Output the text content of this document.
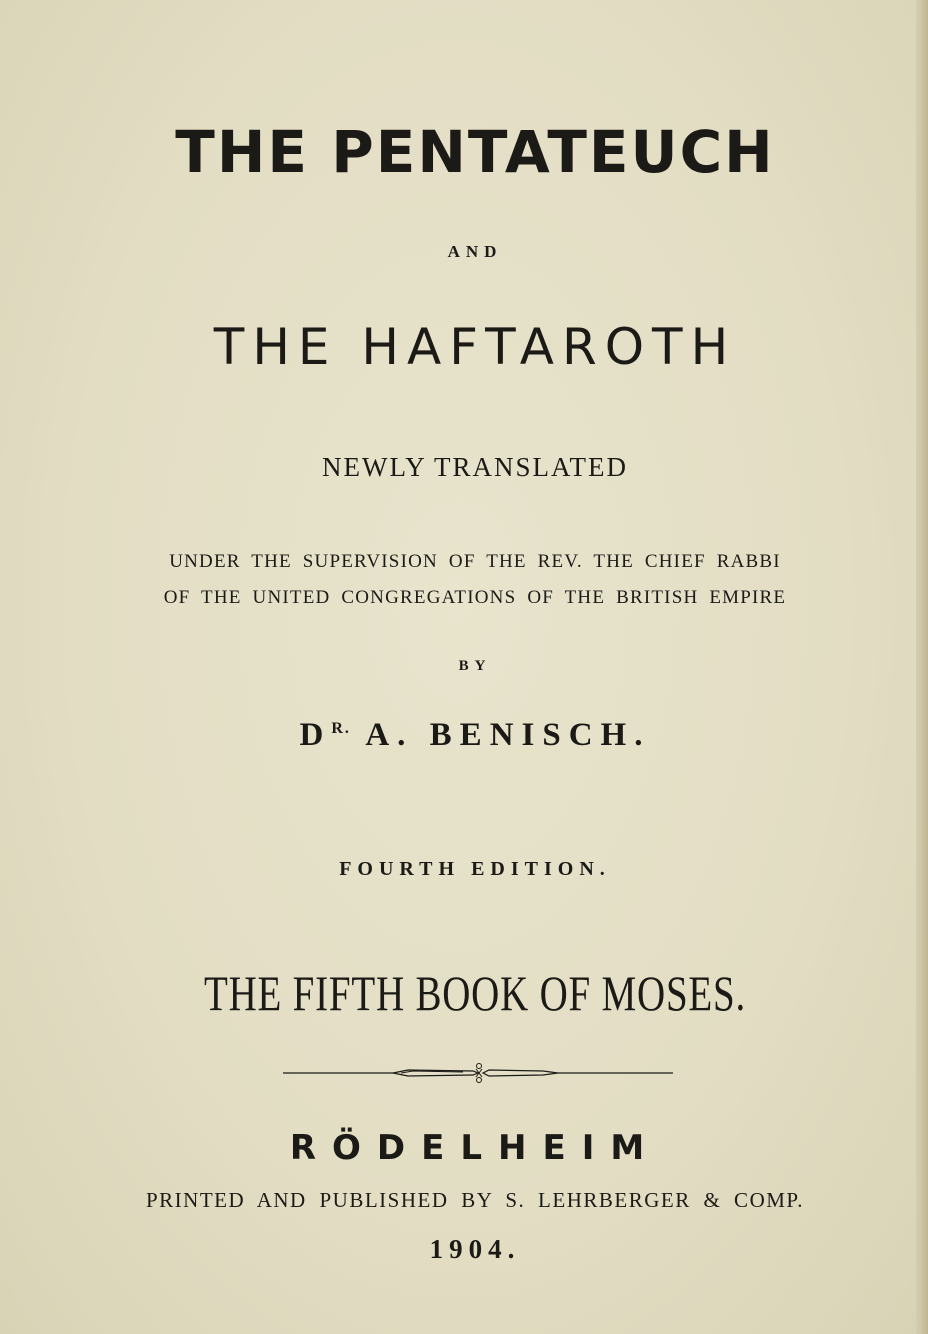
THE PENTATEUCH
AND
THE HAFTAROTH
NEWLY TRANSLATED
UNDER THE SUPERVISION OF THE REV. THE CHIEF RABBI
OF THE UNITED CONGREGATIONS OF THE BRITISH EMPIRE
BY
$D^{R.}$ A. BENISCH.
FOURTH EDITION.
THE FIFTH BOOK OF MOSES.
RÖDELHEIM
PRINTED AND PUBLISHED BY S. LEHRBERGER & COMP.
1904.
